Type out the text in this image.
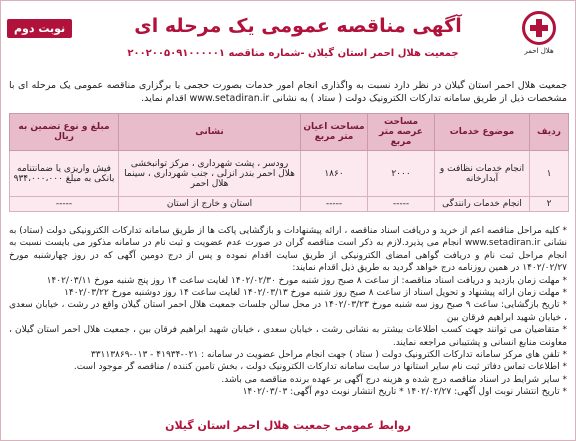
نوبت دوم
هلال احمر
آگهی مناقصه عمومی یک مرحله ای
جمعیت هلال احمر استان گیلان -شماره مناقصه ۲۰۰۲۰۰۵۰۹۱۰۰۰۰۰۱
جمعیت هلال احمر استان گیلان در نظر دارد نسبت به واگذاری انجام امور خدمات بصورت حجمی با برگزاری مناقصه عمومی یک مرحله ای با مشخصات ذیل از طریق سامانه تدارکات الکترونیک دولت ( ستاد ) به نشانی www.setadiran.ir اقدام نماید.
ردیف	موضوع خدمات	مساحت عرصه متر مربع	مساحت اعیان متر مربع	نشانی	مبلغ و نوع تضمین به ریال
۱	انجام خدمات نظافت و آبدارخانه	۲۰۰۰	۱۸۶۰	رودسر ، پشت شهرداری ، مرکز توانبخشی هلال احمر بندر انزلی ، جنب شهرداری ، سینما هلال احمر	فیش واریزی یا ضمانتنامه بانکی به مبلغ ۹۳۴،۰۰۰،۰۰۰
۲	انجام خدمات رانندگی	-----	-----	استان و خارج از استان	-----

* کلیه مراحل مناقصه اعم از خرید و دریافت اسناد مناقصه ، ارائه پیشنهادات و بازگشایی پاکت ها از طریق سامانه تدارکات الکترونیکی دولت (ستاد) به نشانی www.setadiran.ir انجام می پذیرد.لازم به ذکر است مناقصه گران در صورت عدم عضویت و ثبت نام در سامانه مذکور می بایست نسبت به انجام مراحل ثبت نام و دریافت گواهی امضای الکترونیکی از طریق سایت اقدام نموده و پس از درج دومین آگهی که در روز چهارشنبه مورخ ۱۴۰۲/۰۲/۲۷ در همین روزنامه درج خواهد گردید به طریق ذیل اقدام نمایند:

* مهلت زمان بازدید و دریافت اسناد مناقصه: از ساعت ۸ صبح روز شنبه مورخ ۱۴۰۲/۰۲/۳۰ لغایت ساعت ۱۴ روز پنج شنبه مورخ ۱۴۰۲/۰۳/۱۱

* مهلت زمان ارائه پیشنهاد و تحویل اسناد از ساعت ۸ صبح روز شنبه مورخ ۱۴۰۲/۰۳/۱۳ لغایت ساعت ۱۴ روز دوشنبه مورخ ۱۴۰۲/۰۳/۲۲

* تاریخ بازگشایی: ساعت ۹ صبح روز سه شنبه مورخ ۱۴۰۲/۰۳/۲۳ در محل سالن جلسات جمعیت هلال احمر استان گیلان واقع در رشت ، خیابان سعدی ، خیابان شهید ابراهیم فرقان بین

* متقاضیان می توانند جهت کسب اطلاعات بیشتر به نشانی رشت ، خیابان سعدی ، خیابان شهید ابراهیم فرقان بین ، جمعیت هلال احمر استان گیلان ، معاونت منابع انسانی و پشتیبانی مراجعه نمایند.

* تلفن های مرکز سامانه تدارکات الکترونیک دولت ( ستاد ) جهت انجام مراحل عضویت در سامانه : ۰۲۱-۴۱۹۳۴ - ۰۱۳-۳۳۱۱۳۸۶۹

* اطلاعات تماس دفاتر ثبت نام سایر استانها در سایت سامانه تدارکات الکترونیک دولت ، بخش تامین کننده / مناقصه گر موجود است.

* سایر شرایط در اسناد مناقصه درج شده و هزینه درج آگهی بر عهده برنده مناقصه می باشد.

* تاریخ انتشار نوبت اول آگهی: ۱۴۰۲/۰۲/۲۷ * تاریخ انتشار نوبت دوم آگهی: ۱۴۰۲/۰۳/۰۳

روابط عمومی جمعیت هلال احمر استان گیلان
